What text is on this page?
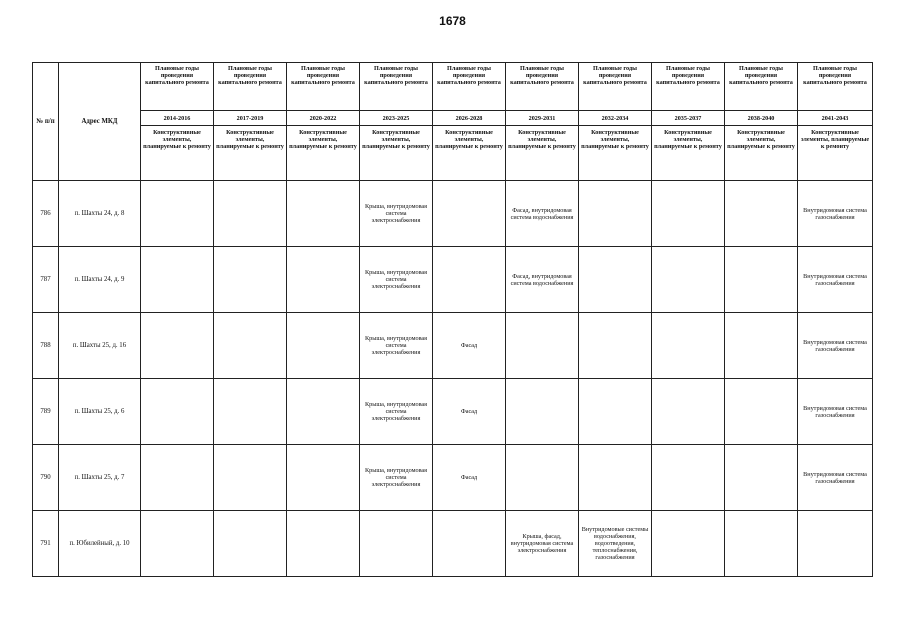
1678
№ п/п	Адрес МКД	Плановые годы проведения капитального ремонта	Плановые годы проведения капитального ремонта	Плановые годы проведения капитального ремонта	Плановые годы проведения капитального ремонта	Плановые годы проведения капитального ремонта	Плановые годы проведения капитального ремонта	Плановые годы проведения капитального ремонта	Плановые годы проведения капитального ремонта	Плановые годы проведения капитального ремонта	Плановые годы проведения капитального ремонта
		2014-2016	2017-2019	2020-2022	2023-2025	2026-2028	2029-2031	2032-2034	2035-2037	2038-2040	2041-2043
		Конструктивные элементы, планируемые к ремонту	Конструктивные элементы, планируемые к ремонту	Конструктивные элементы, планируемые к ремонту	Конструктивные элементы, планируемые к ремонту	Конструктивные элементы, планируемые к ремонту	Конструктивные элементы, планируемые к ремонту	Конструктивные элементы, планируемые к ремонту	Конструктивные элементы, планируемые к ремонту	Конструктивные элементы, планируемые к ремонту	Конструктивные элементы, планируемые к ремонту
786	п. Шахты 24, д. 8				Крыша, внутридомовая система электроснабжения		Фасад, внутридомовая система водоснабжения				Внутридомовая система газоснабжения
787	п. Шахты 24, д. 9				Крыша, внутридомовая система электроснабжения		Фасад, внутридомовая система водоснабжения				Внутридомовая система газоснабжения
788	п. Шахты 25, д. 16				Крыша, внутридомовая система электроснабжения	Фасад					Внутридомовая система газоснабжения
789	п. Шахты 25, д. 6				Крыша, внутридомовая система электроснабжения	Фасад					Внутридомовая система газоснабжения
790	п. Шахты 25, д. 7				Крыша, внутридомовая система электроснабжения	Фасад					Внутридомовая система газоснабжения
791	п. Юбилейный, д. 10						Крыша, фасад, внутридомовая система электроснабжения	Внутридомовые системы водоснабжения, водоотведения, теплоснабжения, газоснабжения			
